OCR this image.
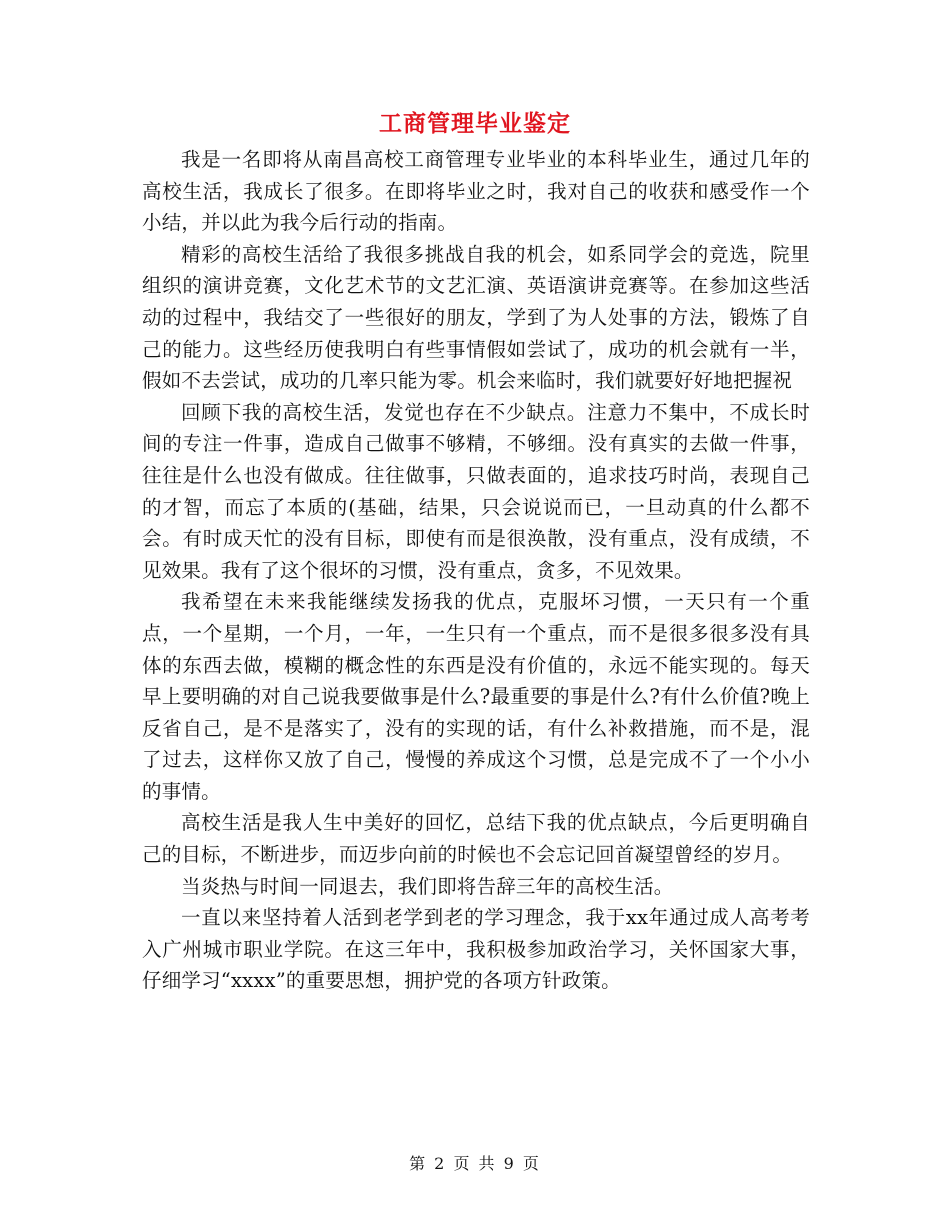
工商管理毕业鉴定

我是一名即将从南昌高校工商管理专业毕业的本科毕业生，通过几年的高校生活，我成长了很多。在即将毕业之时，我对自己的收获和感受作一个小结，并以此为我今后行动的指南。

精彩的高校生活给了我很多挑战自我的机会，如系同学会的竞选，院里组织的演讲竞赛，文化艺术节的文艺汇演、英语演讲竞赛等。在参加这些活动的过程中，我结交了一些很好的朋友，学到了为人处事的方法，锻炼了自己的能力。这些经历使我明白有些事情假如尝试了，成功的机会就有一半，假如不去尝试，成功的几率只能为零。机会来临时，我们就要好好地把握祝

回顾下我的高校生活，发觉也存在不少缺点。注意力不集中，不成长时间的专注一件事，造成自己做事不够精，不够细。没有真实的去做一件事，往往是什么也没有做成。往往做事，只做表面的，追求技巧时尚，表现自己的才智，而忘了本质的(基础，结果，只会说说而已，一旦动真的什么都不会。有时成天忙的没有目标，即使有而是很涣散，没有重点，没有成绩，不见效果。我有了这个很坏的习惯，没有重点，贪多，不见效果。

我希望在未来我能继续发扬我的优点，克服坏习惯，一天只有一个重点，一个星期，一个月，一年，一生只有一个重点，而不是很多很多没有具体的东西去做，模糊的概念性的东西是没有价值的，永远不能实现的。每天早上要明确的对自己说我要做事是什么?最重要的事是什么?有什么价值?晚上反省自己，是不是落实了，没有的实现的话，有什么补救措施，而不是，混了过去，这样你又放了自己，慢慢的养成这个习惯，总是完成不了一个小小的事情。

高校生活是我人生中美好的回忆，总结下我的优点缺点，今后更明确自己的目标，不断进步，而迈步向前的时候也不会忘记回首凝望曾经的岁月。

当炎热与时间一同退去，我们即将告辞三年的高校生活。

一直以来坚持着人活到老学到老的学习理念，我于xx年通过成人高考考入广州城市职业学院。在这三年中，我积极参加政治学习，关怀国家大事，仔细学习“xxxx”的重要思想，拥护党的各项方针政策。

第 2 页 共 9 页
